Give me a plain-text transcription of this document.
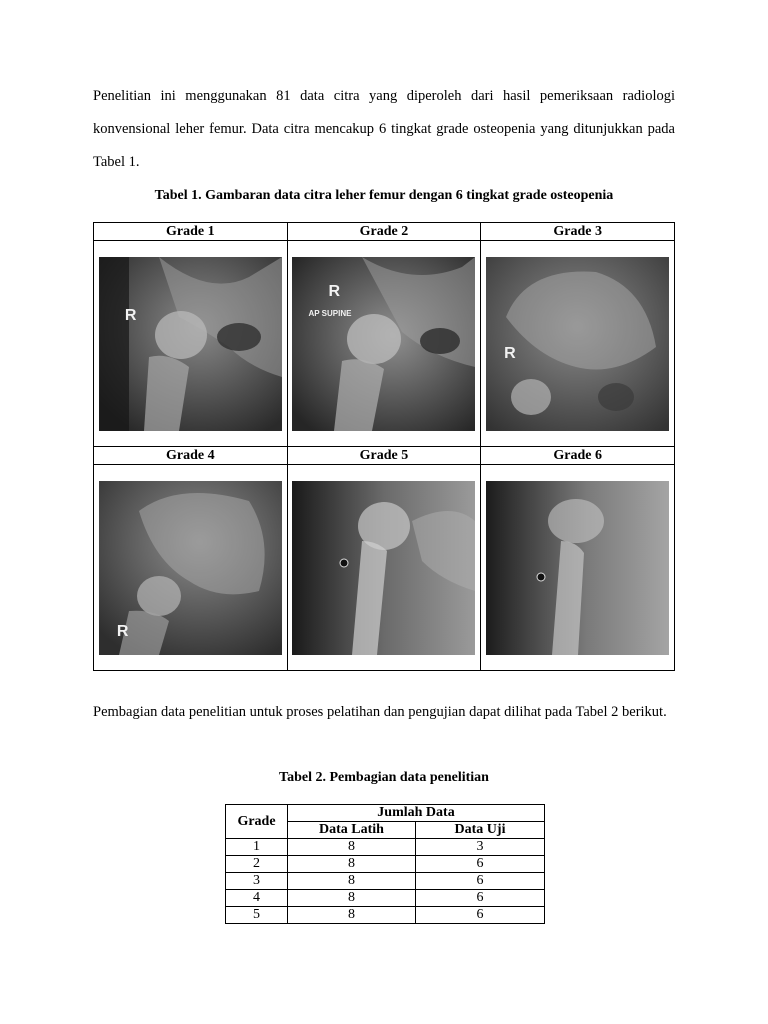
Penelitian ini menggunakan 81 data citra yang diperoleh dari hasil pemeriksaan radiologi konvensional leher femur. Data citra mencakup 6 tingkat grade osteopenia yang ditunjukkan pada Tabel 1.

Tabel 1. Gambaran data citra leher femur dengan 6 tingkat grade osteopenia

Grade 1	Grade 2	Grade 3

R	R
AP SUPINE	R

Grade 4	Grade 5	Grade 6

R

Pembagian data penelitian untuk proses pelatihan dan pengujian dapat dilihat pada Tabel 2 berikut.

Tabel 2. Pembagian data penelitian

Grade	Jumlah Data	
	Data Latih	Data Uji
1	8	3
2	8	6
3	8	6
4	8	6
5	8	6
